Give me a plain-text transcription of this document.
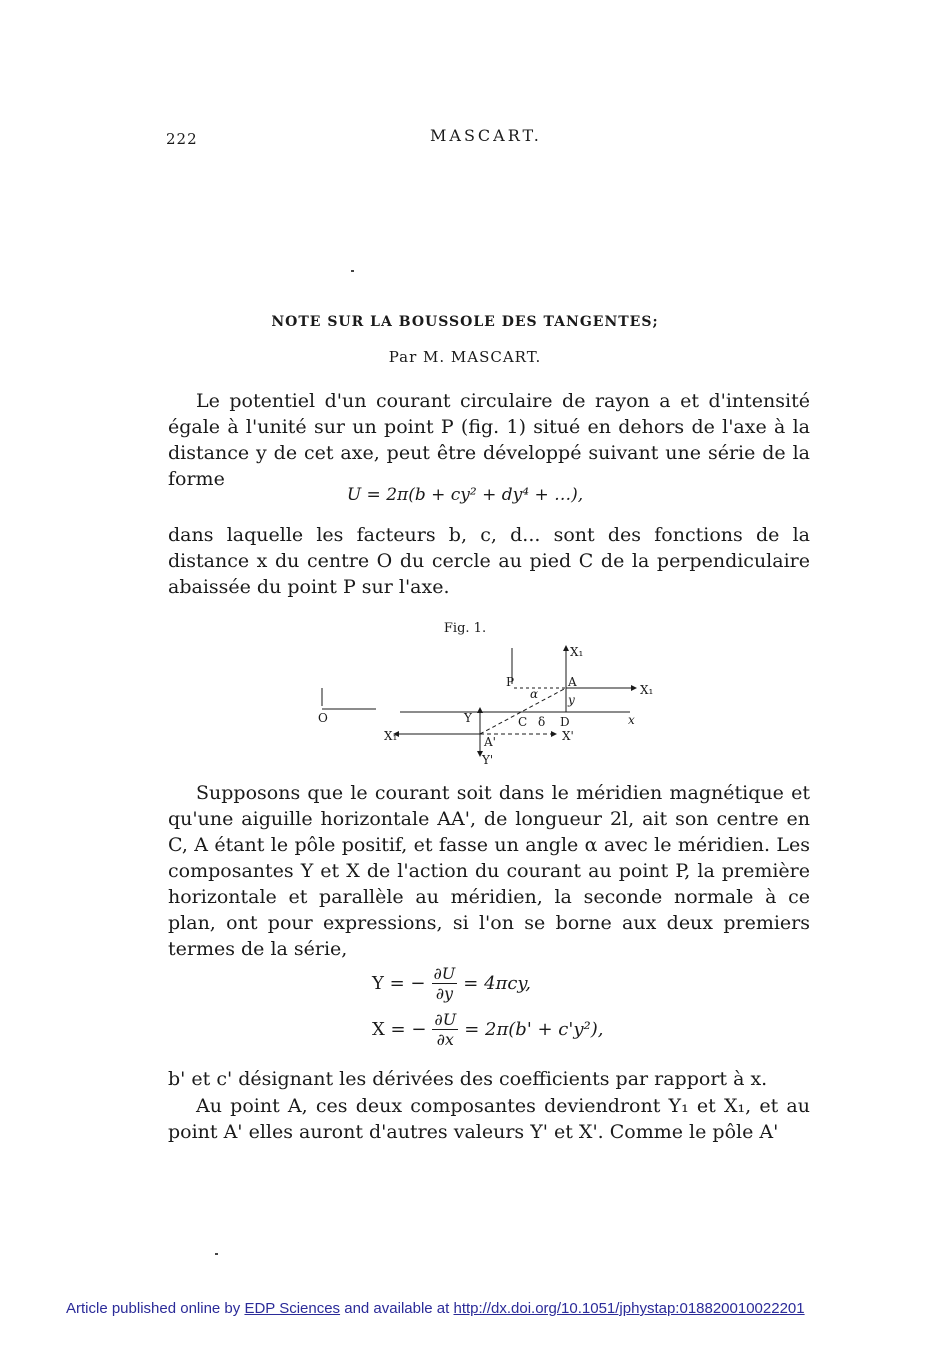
222	MASCART.
NOTE SUR LA BOUSSOLE DES TANGENTES;
Par M. MASCART.

Le potentiel d'un courant circulaire de rayon a et d'intensité égale à l'unité sur un point P (fig. 1) situé en dehors de l'axe à la distance y de cet axe, peut être développé suivant une série de la forme

U = 2π(b + cy² + dy⁴ + …),

dans laquelle les facteurs b, c, d... sont des fonctions de la distance x du centre O du cercle au pied C de la perpendiculaire abaissée du point P sur l'axe.

Fig. 1.
O
P	A
X₁
X₁
α y
Y	C δ D	x
X₁	A'	X'
Y'

Supposons que le courant soit dans le méridien magnétique et qu'une aiguille horizontale AA', de longueur 2l, ait son centre en C, A étant le pôle positif, et fasse un angle α avec le méridien. Les composantes Y et X de l'action du courant au point P, la première horizontale et parallèle au méridien, la seconde normale à ce plan, ont pour expressions, si l'on se borne aux deux premiers termes de la série,

Y = − $\frac{\partial U}{\partial y} = 4\pi cy$,
X = − $\frac{\partial U}{\partial x} = 2\pi(b' + c'y^2)$,

b' et c' désignant les dérivées des coefficients par rapport à x.

Au point A, ces deux composantes deviendront Y₁ et X₁, et au point A' elles auront d'autres valeurs Y' et X'. Comme le pôle A'

Article published online by EDP Sciences and available at http://dx.doi.org/10.1051/jphystap:018820010022201
